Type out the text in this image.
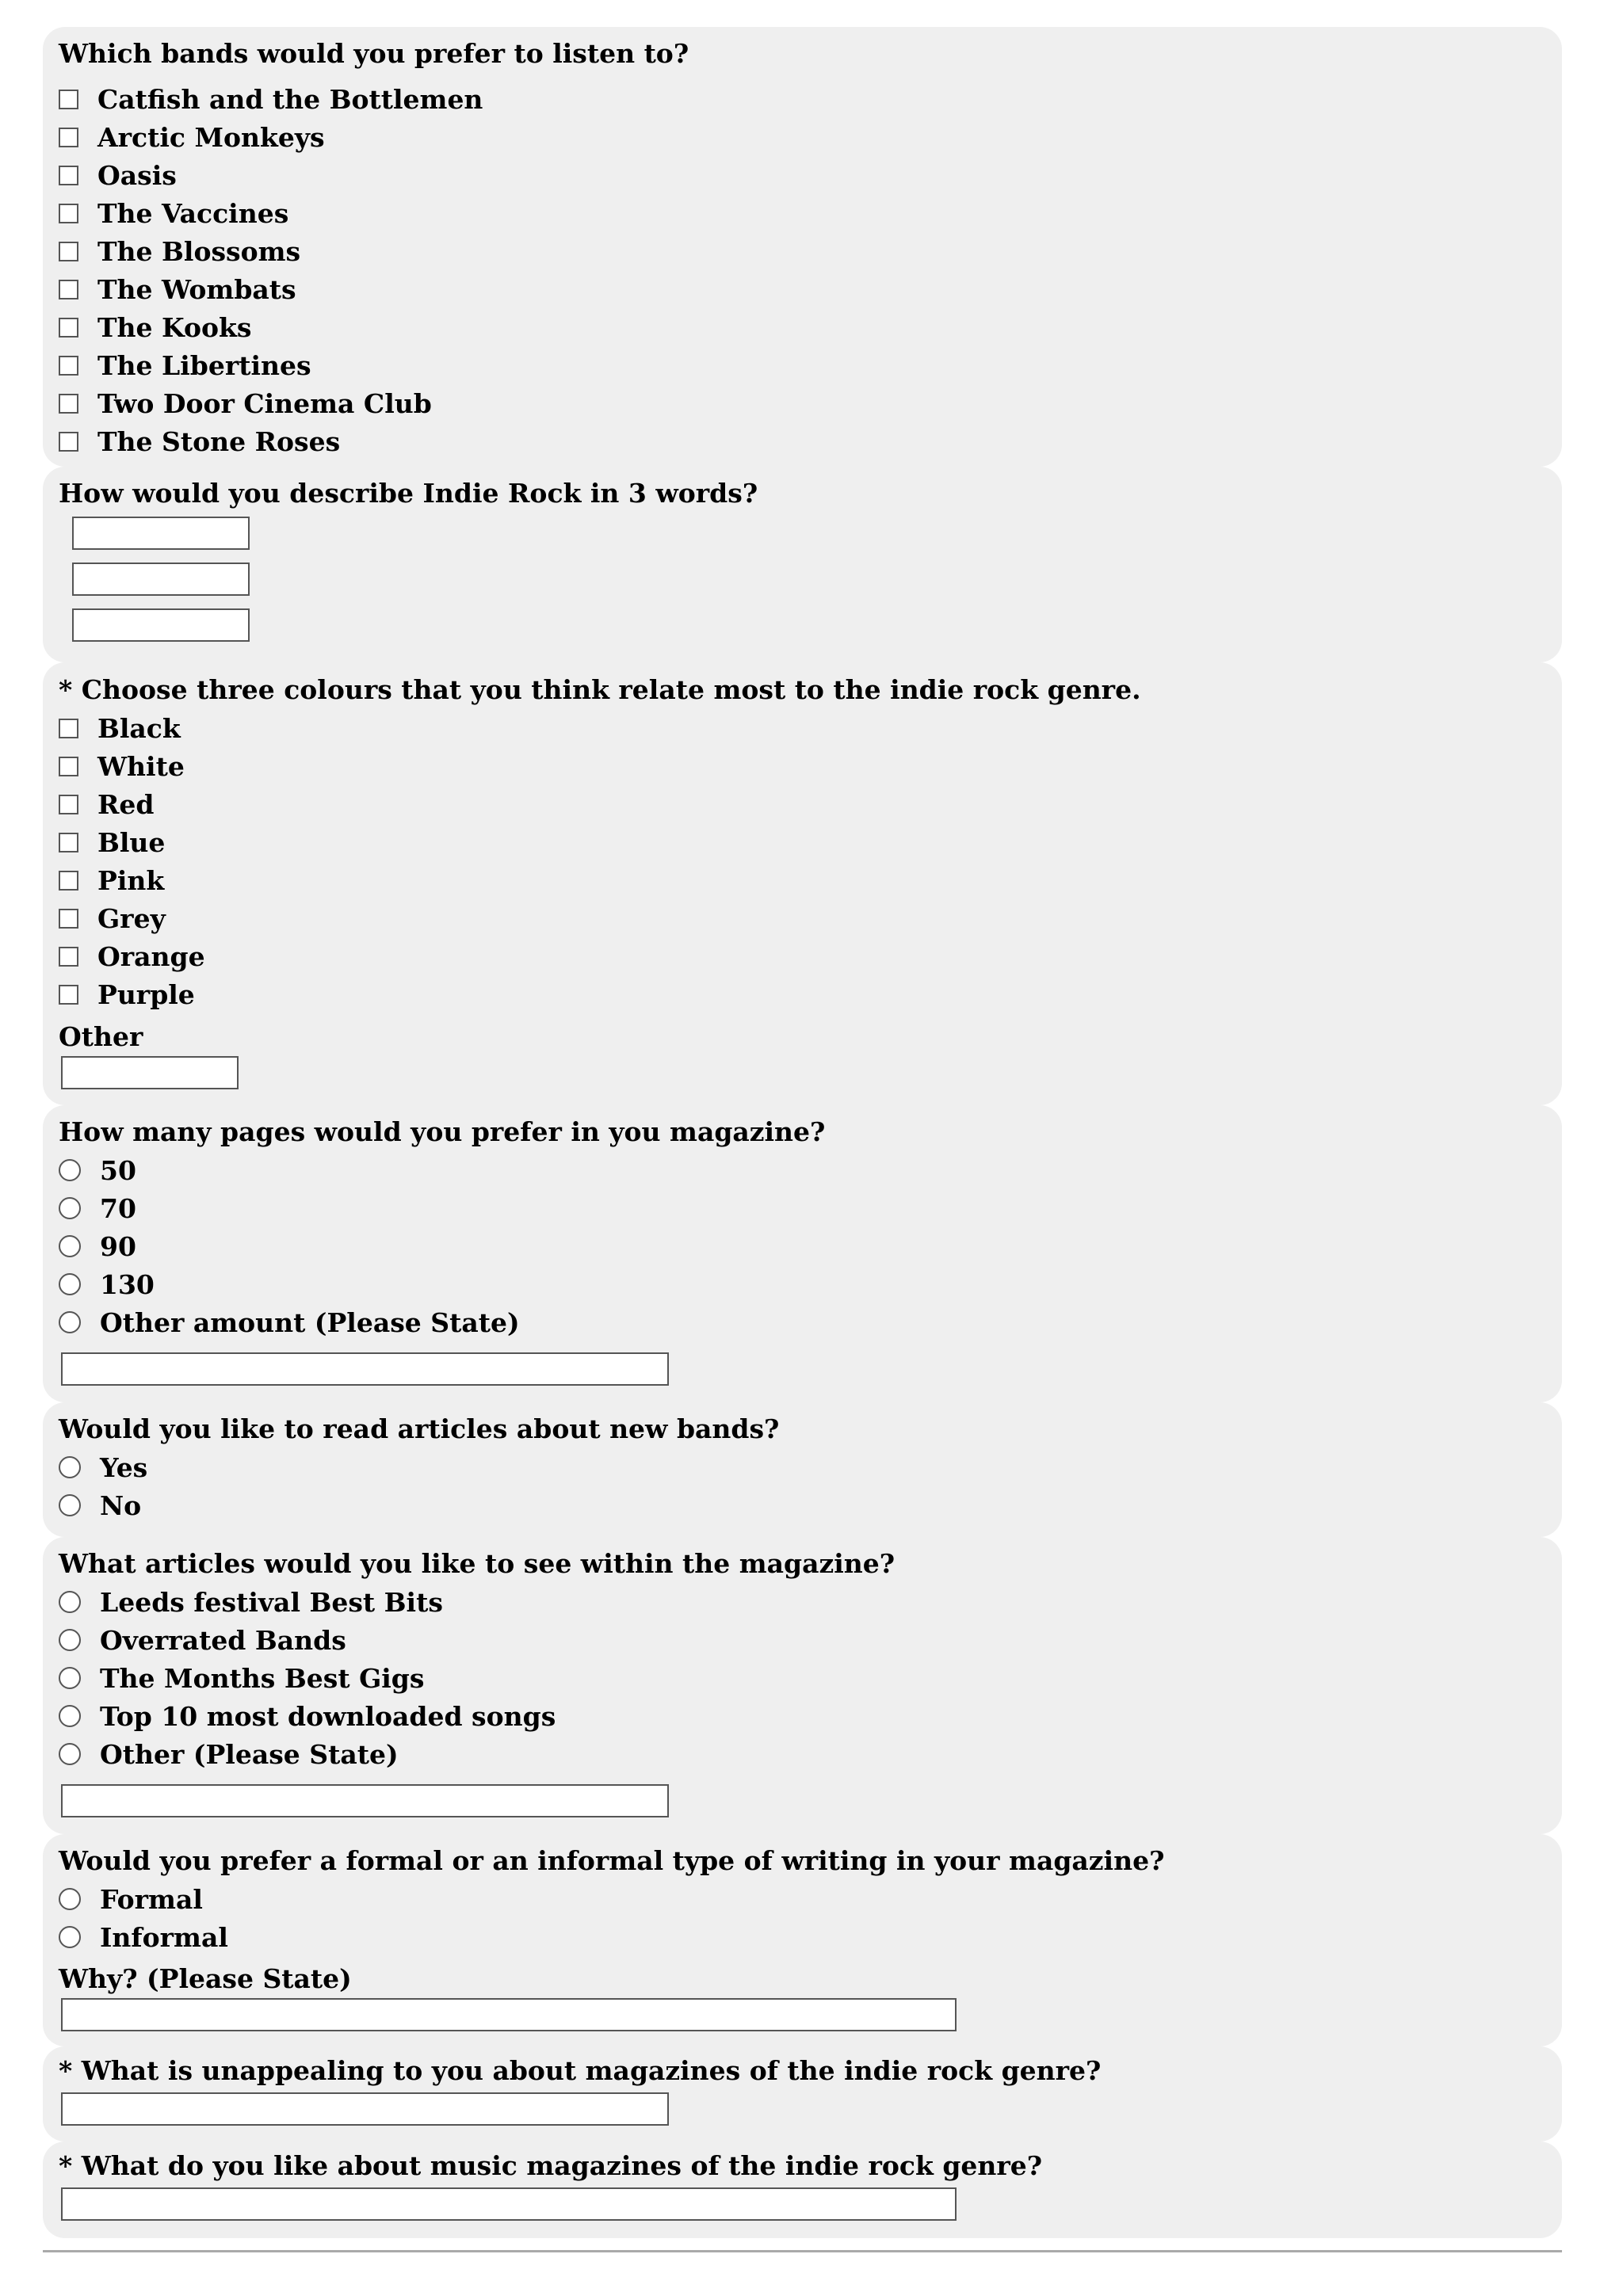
Which bands would you prefer to listen to?
Catfish and the Bottlemen
Arctic Monkeys
Oasis
The Vaccines
The Blossoms
The Wombats
The Kooks
The Libertines
Two Door Cinema Club
The Stone Roses
How would you describe Indie Rock in 3 words?
* Choose three colours that you think relate most to the indie rock genre.
Black
White
Red
Blue
Pink
Grey
Orange
Purple
Other
How many pages would you prefer in you magazine?
50
70
90
130
Other amount (Please State)
Would you like to read articles about new bands?
Yes
No
What articles would you like to see within the magazine?
Leeds festival Best Bits
Overrated Bands
The Months Best Gigs
Top 10 most downloaded songs
Other (Please State)
Would you prefer a formal or an informal type of writing in your magazine?
Formal
Informal
Why? (Please State)
* What is unappealing to you about magazines of the indie rock genre?
* What do you like about music magazines of the indie rock genre?
